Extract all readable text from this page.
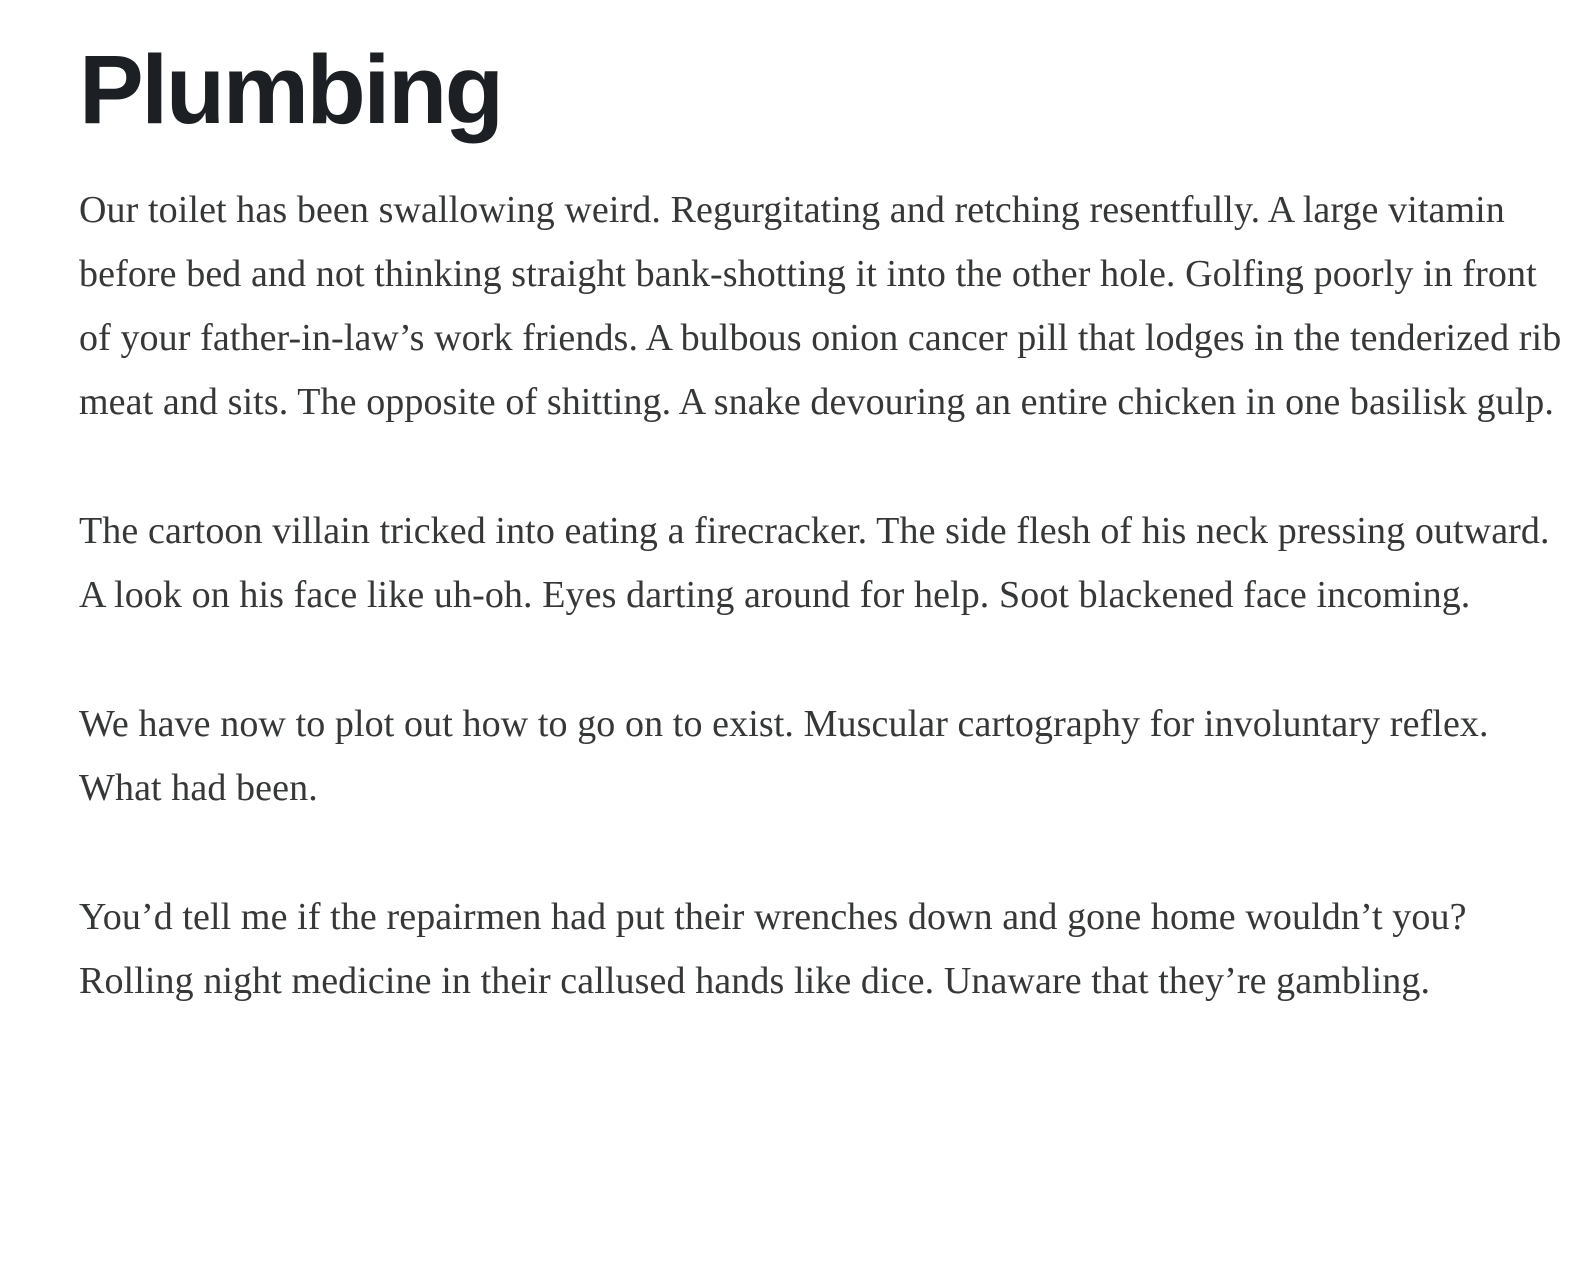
Plumbing

Our toilet has been swallowing weird. Regurgitating and retching resentfully. A large vitamin before bed and not thinking straight bank-shotting it into the other hole. Golfing poorly in front of your father-in-law’s work friends. A bulbous onion cancer pill that lodges in the tenderized rib meat and sits. The opposite of shitting. A snake devouring an entire chicken in one basilisk gulp.

The cartoon villain tricked into eating a firecracker. The side flesh of his neck pressing outward. A look on his face like uh-oh. Eyes darting around for help. Soot blackened face incoming.

We have now to plot out how to go on to exist. Muscular cartography for involuntary reflex. What had been.

You’d tell me if the repairmen had put their wrenches down and gone home wouldn’t you? Rolling night medicine in their callused hands like dice. Unaware that they’re gambling.
